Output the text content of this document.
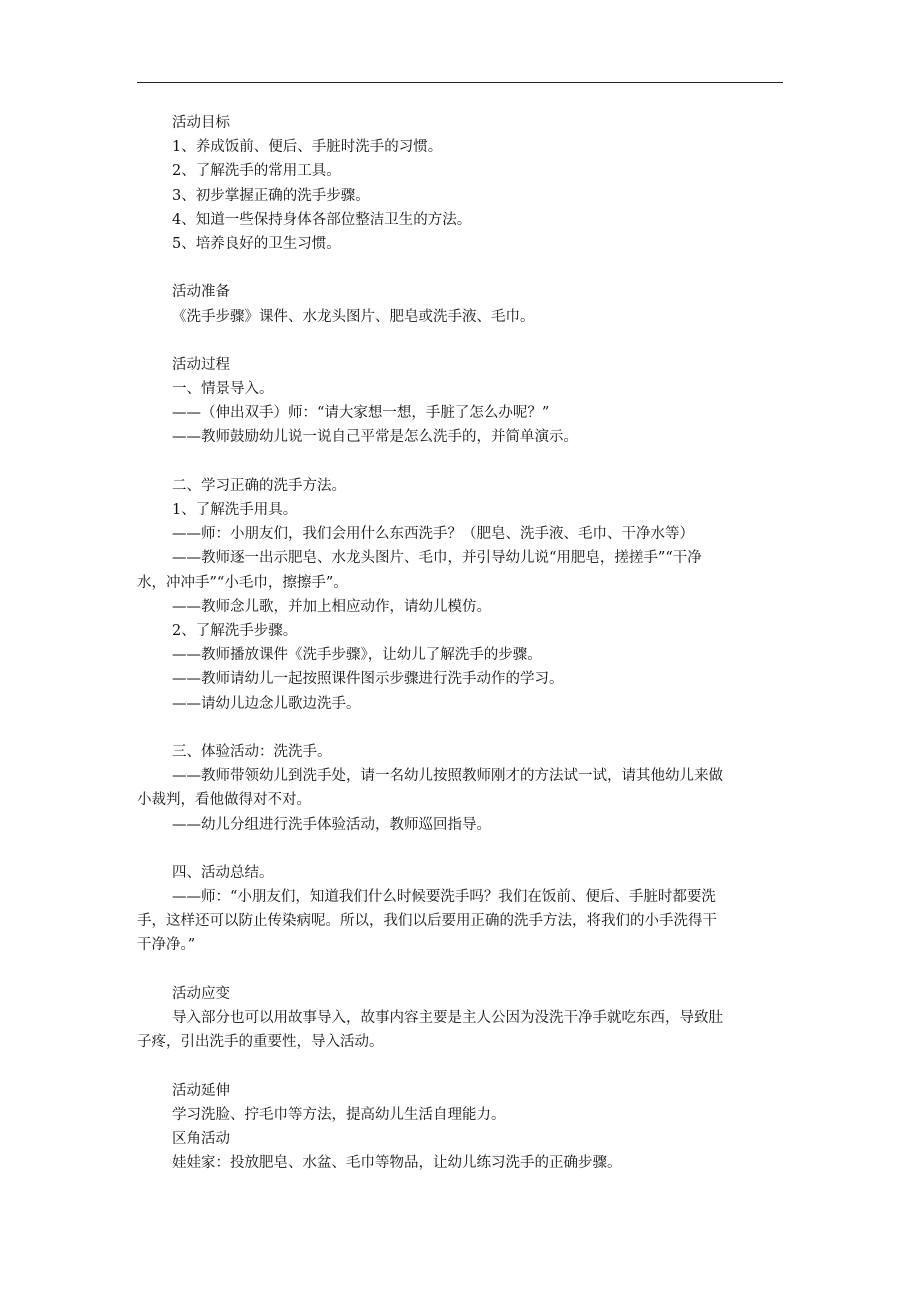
活动目标
1、养成饭前、便后、手脏时洗手的习惯。
2、了解洗手的常用工具。
3、初步掌握正确的洗手步骤。
4、知道一些保持身体各部位整洁卫生的方法。
5、培养良好的卫生习惯。
活动准备
《洗手步骤》课件、水龙头图片、肥皂或洗手液、毛巾。
活动过程
一、情景导入。
——（伸出双手）师：“请大家想一想，手脏了怎么办呢？”
——教师鼓励幼儿说一说自己平常是怎么洗手的，并简单演示。
二、学习正确的洗手方法。
1、了解洗手用具。
——师：小朋友们，我们会用什么东西洗手？（肥皂、洗手液、毛巾、干净水等）
——教师逐一出示肥皂、水龙头图片、毛巾，并引导幼儿说“用肥皂，搓搓手”“干净
水，冲冲手”“小毛巾，擦擦手”。
——教师念儿歌，并加上相应动作，请幼儿模仿。
2、了解洗手步骤。
——教师播放课件《洗手步骤》，让幼儿了解洗手的步骤。
——教师请幼儿一起按照课件图示步骤进行洗手动作的学习。
——请幼儿边念儿歌边洗手。
三、体验活动：洗洗手。
——教师带领幼儿到洗手处，请一名幼儿按照教师刚才的方法试一试，请其他幼儿来做
小裁判，看他做得对不对。
——幼儿分组进行洗手体验活动，教师巡回指导。
四、活动总结。
——师：“小朋友们，知道我们什么时候要洗手吗？我们在饭前、便后、手脏时都要洗
手，这样还可以防止传染病呢。所以，我们以后要用正确的洗手方法，将我们的小手洗得干
干净净。”
活动应变
导入部分也可以用故事导入，故事内容主要是主人公因为没洗干净手就吃东西，导致肚
子疼，引出洗手的重要性，导入活动。
活动延伸
学习洗脸、拧毛巾等方法，提高幼儿生活自理能力。
区角活动
娃娃家：投放肥皂、水盆、毛巾等物品，让幼儿练习洗手的正确步骤。
